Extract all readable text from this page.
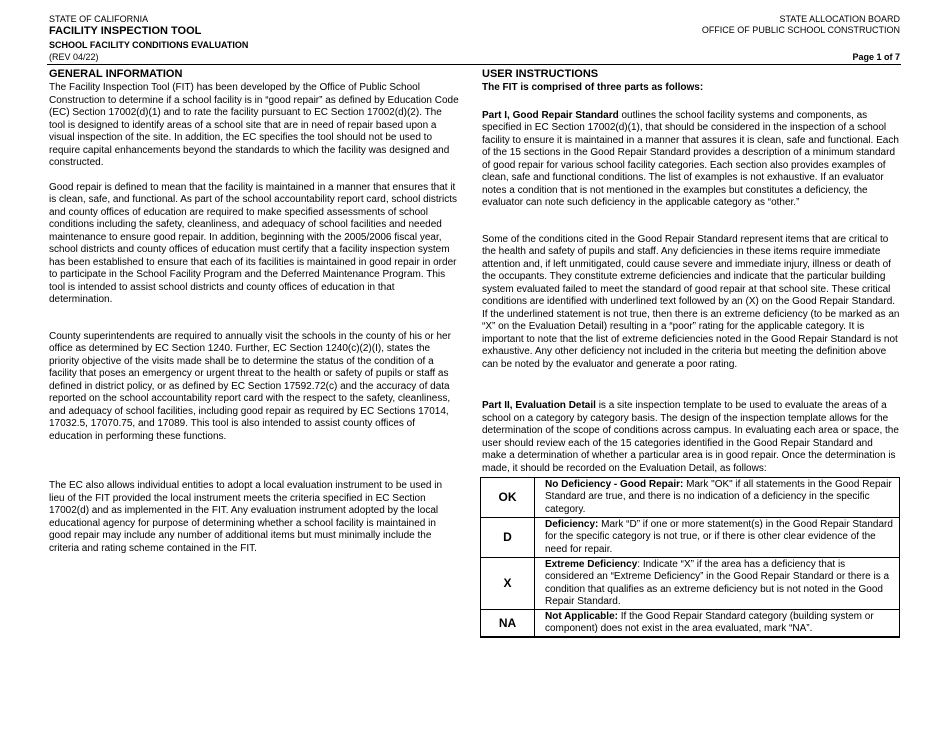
STATE OF CALIFORNIA
FACILITY INSPECTION TOOL
SCHOOL FACILITY CONDITIONS EVALUATION
(REV 04/22)
STATE ALLOCATION BOARD
OFFICE OF PUBLIC SCHOOL CONSTRUCTION
Page 1 of 7
GENERAL INFORMATION

The Facility Inspection Tool (FIT) has been developed by the Office of Public School Construction to determine if a school facility is in “good repair” as defined by Education Code (EC) Section 17002(d)(1) and to rate the facility pursuant to EC Section 17002(d)(2). The tool is designed to identify areas of a school site that are in need of repair based upon a visual inspection of the site. In addition, the EC specifies the tool should not be used to require capital enhancements beyond the standards to which the facility was designed and constructed.

Good repair is defined to mean that the facility is maintained in a manner that ensures that it is clean, safe, and functional. As part of the school accountability report card, school districts and county offices of education are required to make specified assessments of school conditions including the safety, cleanliness, and adequacy of school facilities and needed maintenance to ensure good repair. In addition, beginning with the 2005/2006 fiscal year, school districts and county offices of education must certify that a facility inspection system has been established to ensure that each of its facilities is maintained in good repair in order to participate in the School Facility Program and the Deferred Maintenance Program. This tool is intended to assist school districts and county offices of education in that determination.

County superintendents are required to annually visit the schools in the county of his or her office as determined by EC Section 1240. Further, EC Section 1240(c)(2)(I), states the priority objective of the visits made shall be to determine the status of the condition of a facility that poses an emergency or urgent threat to the health or safety of pupils or staff as defined in district policy, or as defined by EC Section 17592.72(c) and the accuracy of data reported on the school accountability report card with the respect to the safety, cleanliness, and adequacy of school facilities, including good repair as required by EC Sections 17014, 17032.5, 17070.75, and 17089. This tool is also intended to assist county offices of education in performing these functions.

The EC also allows individual entities to adopt a local evaluation instrument to be used in lieu of the FIT provided the local instrument meets the criteria specified in EC Section 17002(d) and as implemented in the FIT. Any evaluation instrument adopted by the local educational agency for purpose of determining whether a school facility is maintained in good repair may include any number of additional items but must minimally include the criteria and rating scheme contained in the FIT.

USER INSTRUCTIONS
The FIT is comprised of three parts as follows:

Part I, Good Repair Standard outlines the school facility systems and components, as specified in EC Section 17002(d)(1), that should be considered in the inspection of a school facility to ensure it is maintained in a manner that assures it is clean, safe and functional. Each of the 15 sections in the Good Repair Standard provides a description of a minimum standard of good repair for various school facility categories. Each section also provides examples of clean, safe and functional conditions. The list of examples is not exhaustive. If an evaluator notes a condition that is not mentioned in the examples but constitutes a deficiency, the evaluator can note such deficiency in the applicable category as “other.”

Some of the conditions cited in the Good Repair Standard represent items that are critical to the health and safety of pupils and staff. Any deficiencies in these items require immediate attention and, if left unmitigated, could cause severe and immediate injury, illness or death of the occupants. They constitute extreme deficiencies and indicate that the particular building system evaluated failed to meet the standard of good repair at that school site. These critical conditions are identified with underlined text followed by an (X) on the Good Repair Standard. If the underlined statement is not true, then there is an extreme deficiency (to be marked as an “X” on the Evaluation Detail) resulting in a “poor” rating for the applicable category. It is important to note that the list of extreme deficiencies noted in the Good Repair Standard is not exhaustive. Any other deficiency not included in the criteria but meeting the definition above can be noted by the evaluator and generate a poor rating.

Part II, Evaluation Detail is a site inspection template to be used to evaluate the areas of a school on a category by category basis. The design of the inspection template allows for the determination of the scope of conditions across campus. In evaluating each area or space, the user should review each of the 15 categories identified in the Good Repair Standard and make a determination of whether a particular area is in good repair. Once the determination is made, it should be recorded on the Evaluation Detail, as follows:

OK	No Deficiency - Good Repair: Mark "OK" if all statements in the Good Repair Standard are true, and there is no indication of a deficiency in the specific category.
D	Deficiency: Mark “D” if one or more statement(s) in the Good Repair Standard for the specific category is not true, or if there is other clear evidence of the need for repair.
X	Extreme Deficiency: Indicate “X” if the area has a deficiency that is considered an “Extreme Deficiency” in the Good Repair Standard or there is a condition that qualifies as an extreme deficiency but is not noted in the Good Repair Standard.
NA	Not Applicable: If the Good Repair Standard category (building system or component) does not exist in the area evaluated, mark “NA”.
